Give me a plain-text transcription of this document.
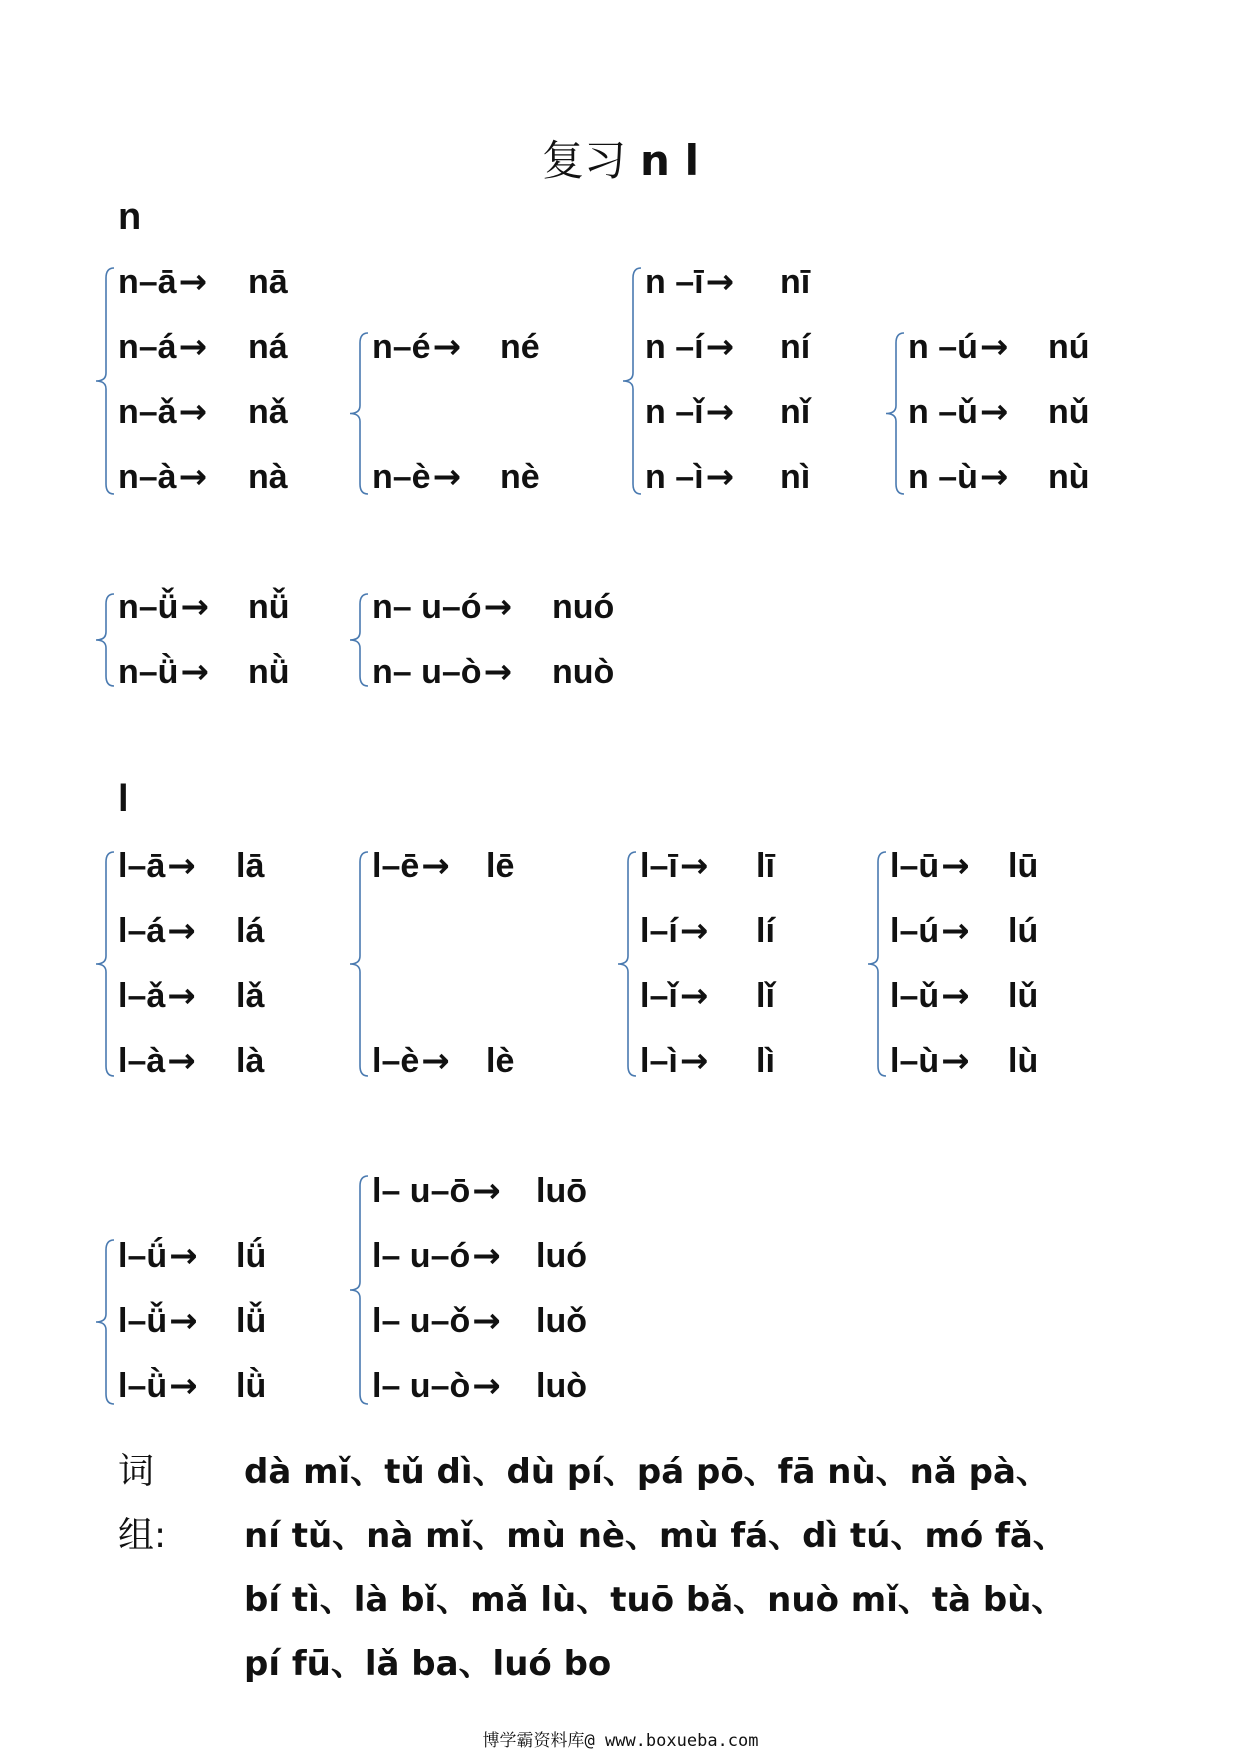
复习 n l
n
l
n–ā → nā
n–á → ná
n–ǎ → nǎ
n–à → nà
n–é → né
n–è → nè
n –ī → nī
n –í → ní
n –ǐ → nǐ
n –ì → nì
n –ú → nú
n –ǔ → nǔ
n –ù → nù
n–ǚ → nǚ
n–ǜ → nǜ
n– u–ó → nuó
n– u–ò → nuò
l–ā → lā
l–á → lá
l–ǎ → lǎ
l–à → là
l–ē → lē
l–è → lè
l–ī → lī
l–í → lí
l–ǐ → lǐ
l–ì → lì
l–ū → lū
l–ú → lú
l–ǔ → lǔ
l–ù → lù
l–ǘ → lǘ
l–ǚ → lǚ
l–ǜ → lǜ
l– u–ō → luō
l– u–ó → luó
l– u–ǒ → luǒ
l– u–ò → luò
词组:
dà mǐ、tǔ dì、dù pí、pá pō、fā nù、nǎ pà、
ní tǔ、nà mǐ、mù nè、mù fá、dì tú、mó fǎ、
bí tì、là bǐ、mǎ lù、tuō bǎ、nuò mǐ、tà bù、
pí fū、lǎ ba、luó bo
博学霸资料库@ www.boxueba.com
